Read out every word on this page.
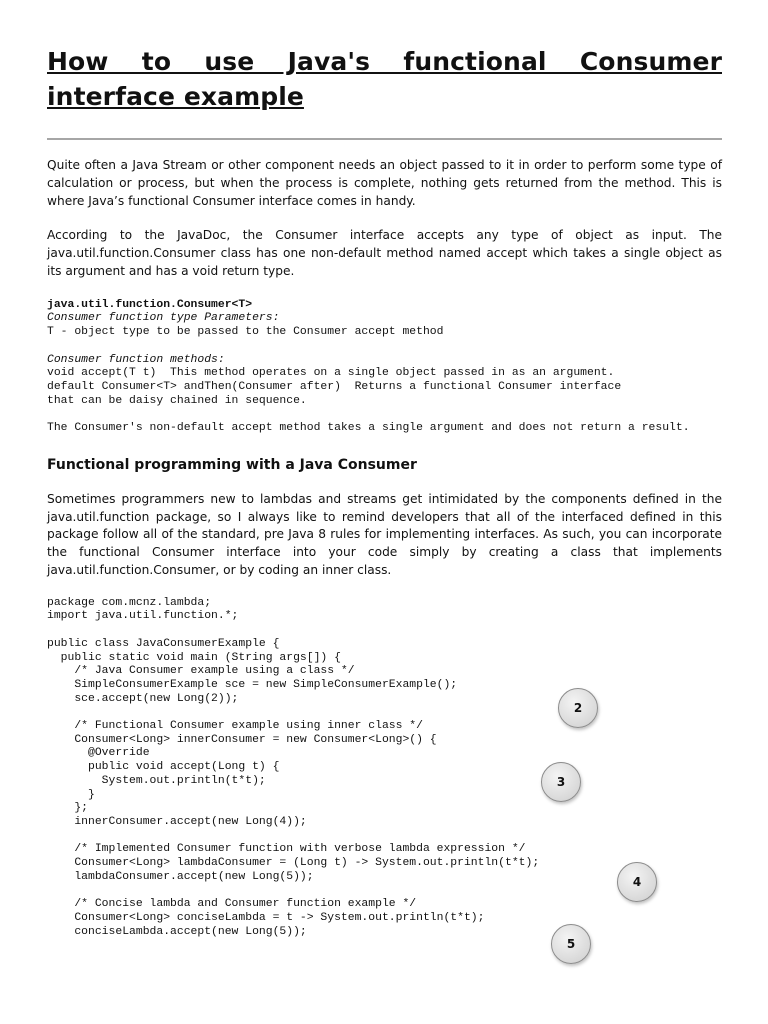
How to use Java's functional Consumer interface example

Quite often a Java Stream or other component needs an object passed to it in order to perform some type of calculation or process, but when the process is complete, nothing gets returned from the method. This is where Java’s functional Consumer interface comes in handy.

According to the JavaDoc, the Consumer interface accepts any type of object as input. The java.util.function.Consumer class has one non-default method named accept which takes a single object as its argument and has a void return type.

java.util.function.Consumer<T>
Consumer function type Parameters:
T - object type to be passed to the Consumer accept method
Consumer function methods:
void accept(T t)  This method operates on a single object passed in as an argument.
default Consumer<T> andThen(Consumer after)  Returns a functional Consumer interface
that can be daisy chained in sequence.

The Consumer's non-default accept method takes a single argument and does not return a result.

Functional programming with a Java Consumer

Sometimes programmers new to lambdas and streams get intimidated by the components defined in the java.util.function package, so I always like to remind developers that all of the interfaced defined in this package follow all of the standard, pre Java 8 rules for implementing interfaces. As such, you can incorporate the functional Consumer interface into your code simply by creating a class that implements java.util.function.Consumer, or by coding an inner class.

package com.mcnz.lambda;
import java.util.function.*;
public class JavaConsumerExample {
public static void main (String args[]) {
/* Java Consumer example using a class */
SimpleConsumerExample sce = new SimpleConsumerExample();
sce.accept(new Long(2));
/* Functional Consumer example using inner class */
Consumer<Long> innerConsumer = new Consumer<Long>() {
@Override
public void accept(Long t) {
System.out.println(t*t);
}
};
innerConsumer.accept(new Long(4));
/* Implemented Consumer function with verbose lambda expression */
Consumer<Long> lambdaConsumer = (Long t) -> System.out.println(t*t);
lambdaConsumer.accept(new Long(5));
/* Concise lambda and Consumer function example */
Consumer<Long> conciseLambda = t -> System.out.println(t*t);
conciseLambda.accept(new Long(5));
2
3
4
5
